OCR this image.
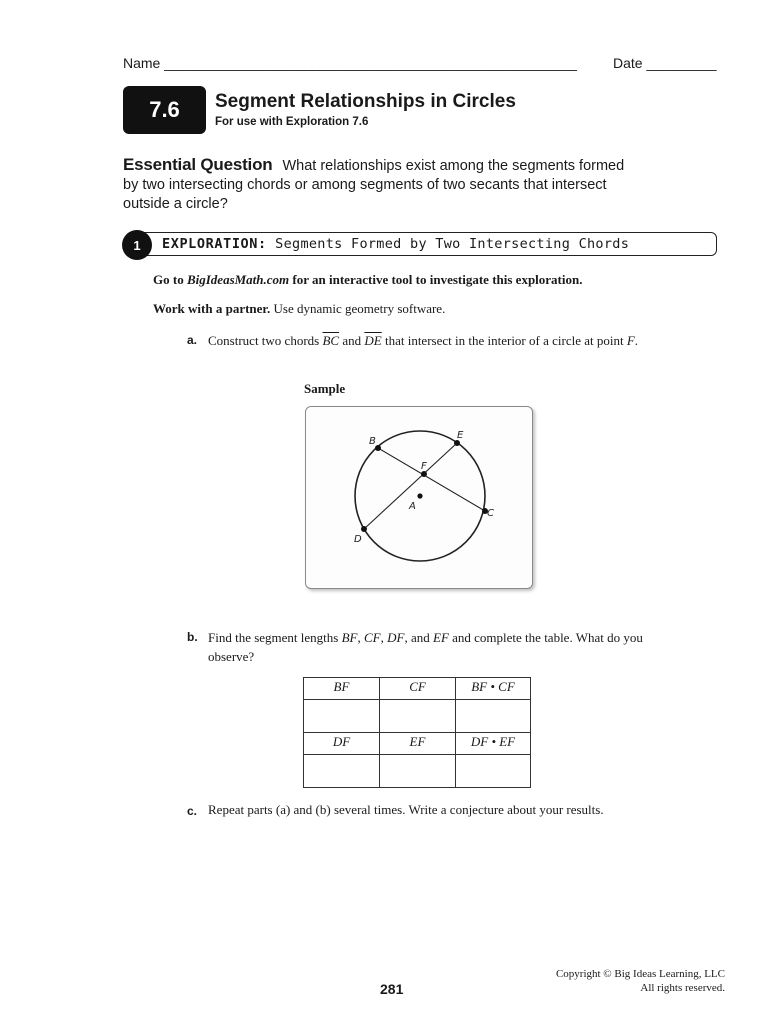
Name _____________________________________________________	Date _________
7.6	Segment Relationships in Circles
For use with Exploration 7.6
Essential Question What relationships exist among the segments formed by two intersecting chords or among segments of two secants that intersect outside a circle?
1	EXPLORATION: Segments Formed by Two Intersecting Chords
Go to BigIdeasMath.com for an interactive tool to investigate this exploration.
Work with a partner. Use dynamic geometry software.
a. Construct two chords $\overline{BC}$ and $\overline{DE}$ that intersect in the interior of a circle at point F.
Sample
B
E
F
A
C
D
b. Find the segment lengths BF, CF, DF, and EF and complete the table. What do you observe?
BF	CF	BF • CF

DF	EF	DF • EF

c. Repeat parts (a) and (b) several times. Write a conjecture about your results.
281
Copyright © Big Ideas Learning, LLC
All rights reserved.
